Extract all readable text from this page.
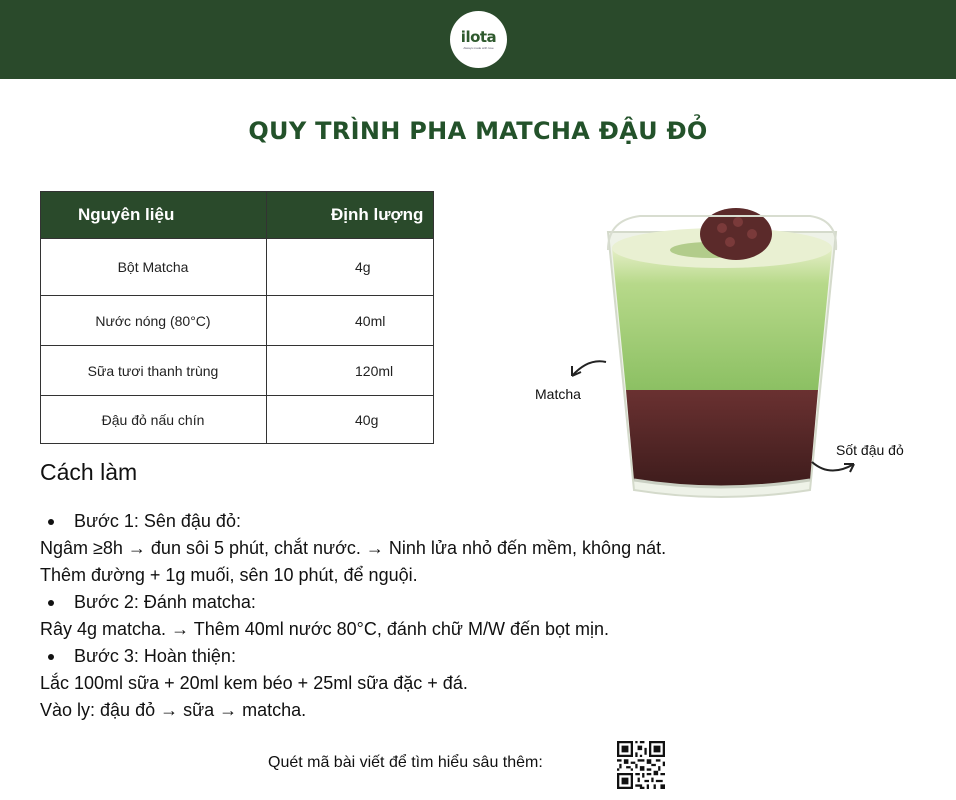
ilota
Always made with love
QUY TRÌNH PHA MATCHA ĐẬU ĐỎ
Nguyên liệu	Định lượng
Bột Matcha	4g
Nước nóng (80°C)	40ml
Sữa tươi thanh trùng	120ml
Đậu đỏ nấu chín	40g
Matcha
Sốt đậu đỏ
Cách làm
Bước 1: Sên đậu đỏ:
Ngâm ≥8h → đun sôi 5 phút, chắt nước. → Ninh lửa nhỏ đến mềm, không nát.
Thêm đường + 1g muối, sên 10 phút, để nguội.
Bước 2: Đánh matcha:
Rây 4g matcha. → Thêm 40ml nước 80°C, đánh chữ M/W đến bọt mịn.
Bước 3: Hoàn thiện:
Lắc 100ml sữa + 20ml kem béo + 25ml sữa đặc + đá.
Vào ly: đậu đỏ → sữa → matcha.
Quét mã bài viết để tìm hiểu sâu thêm:
